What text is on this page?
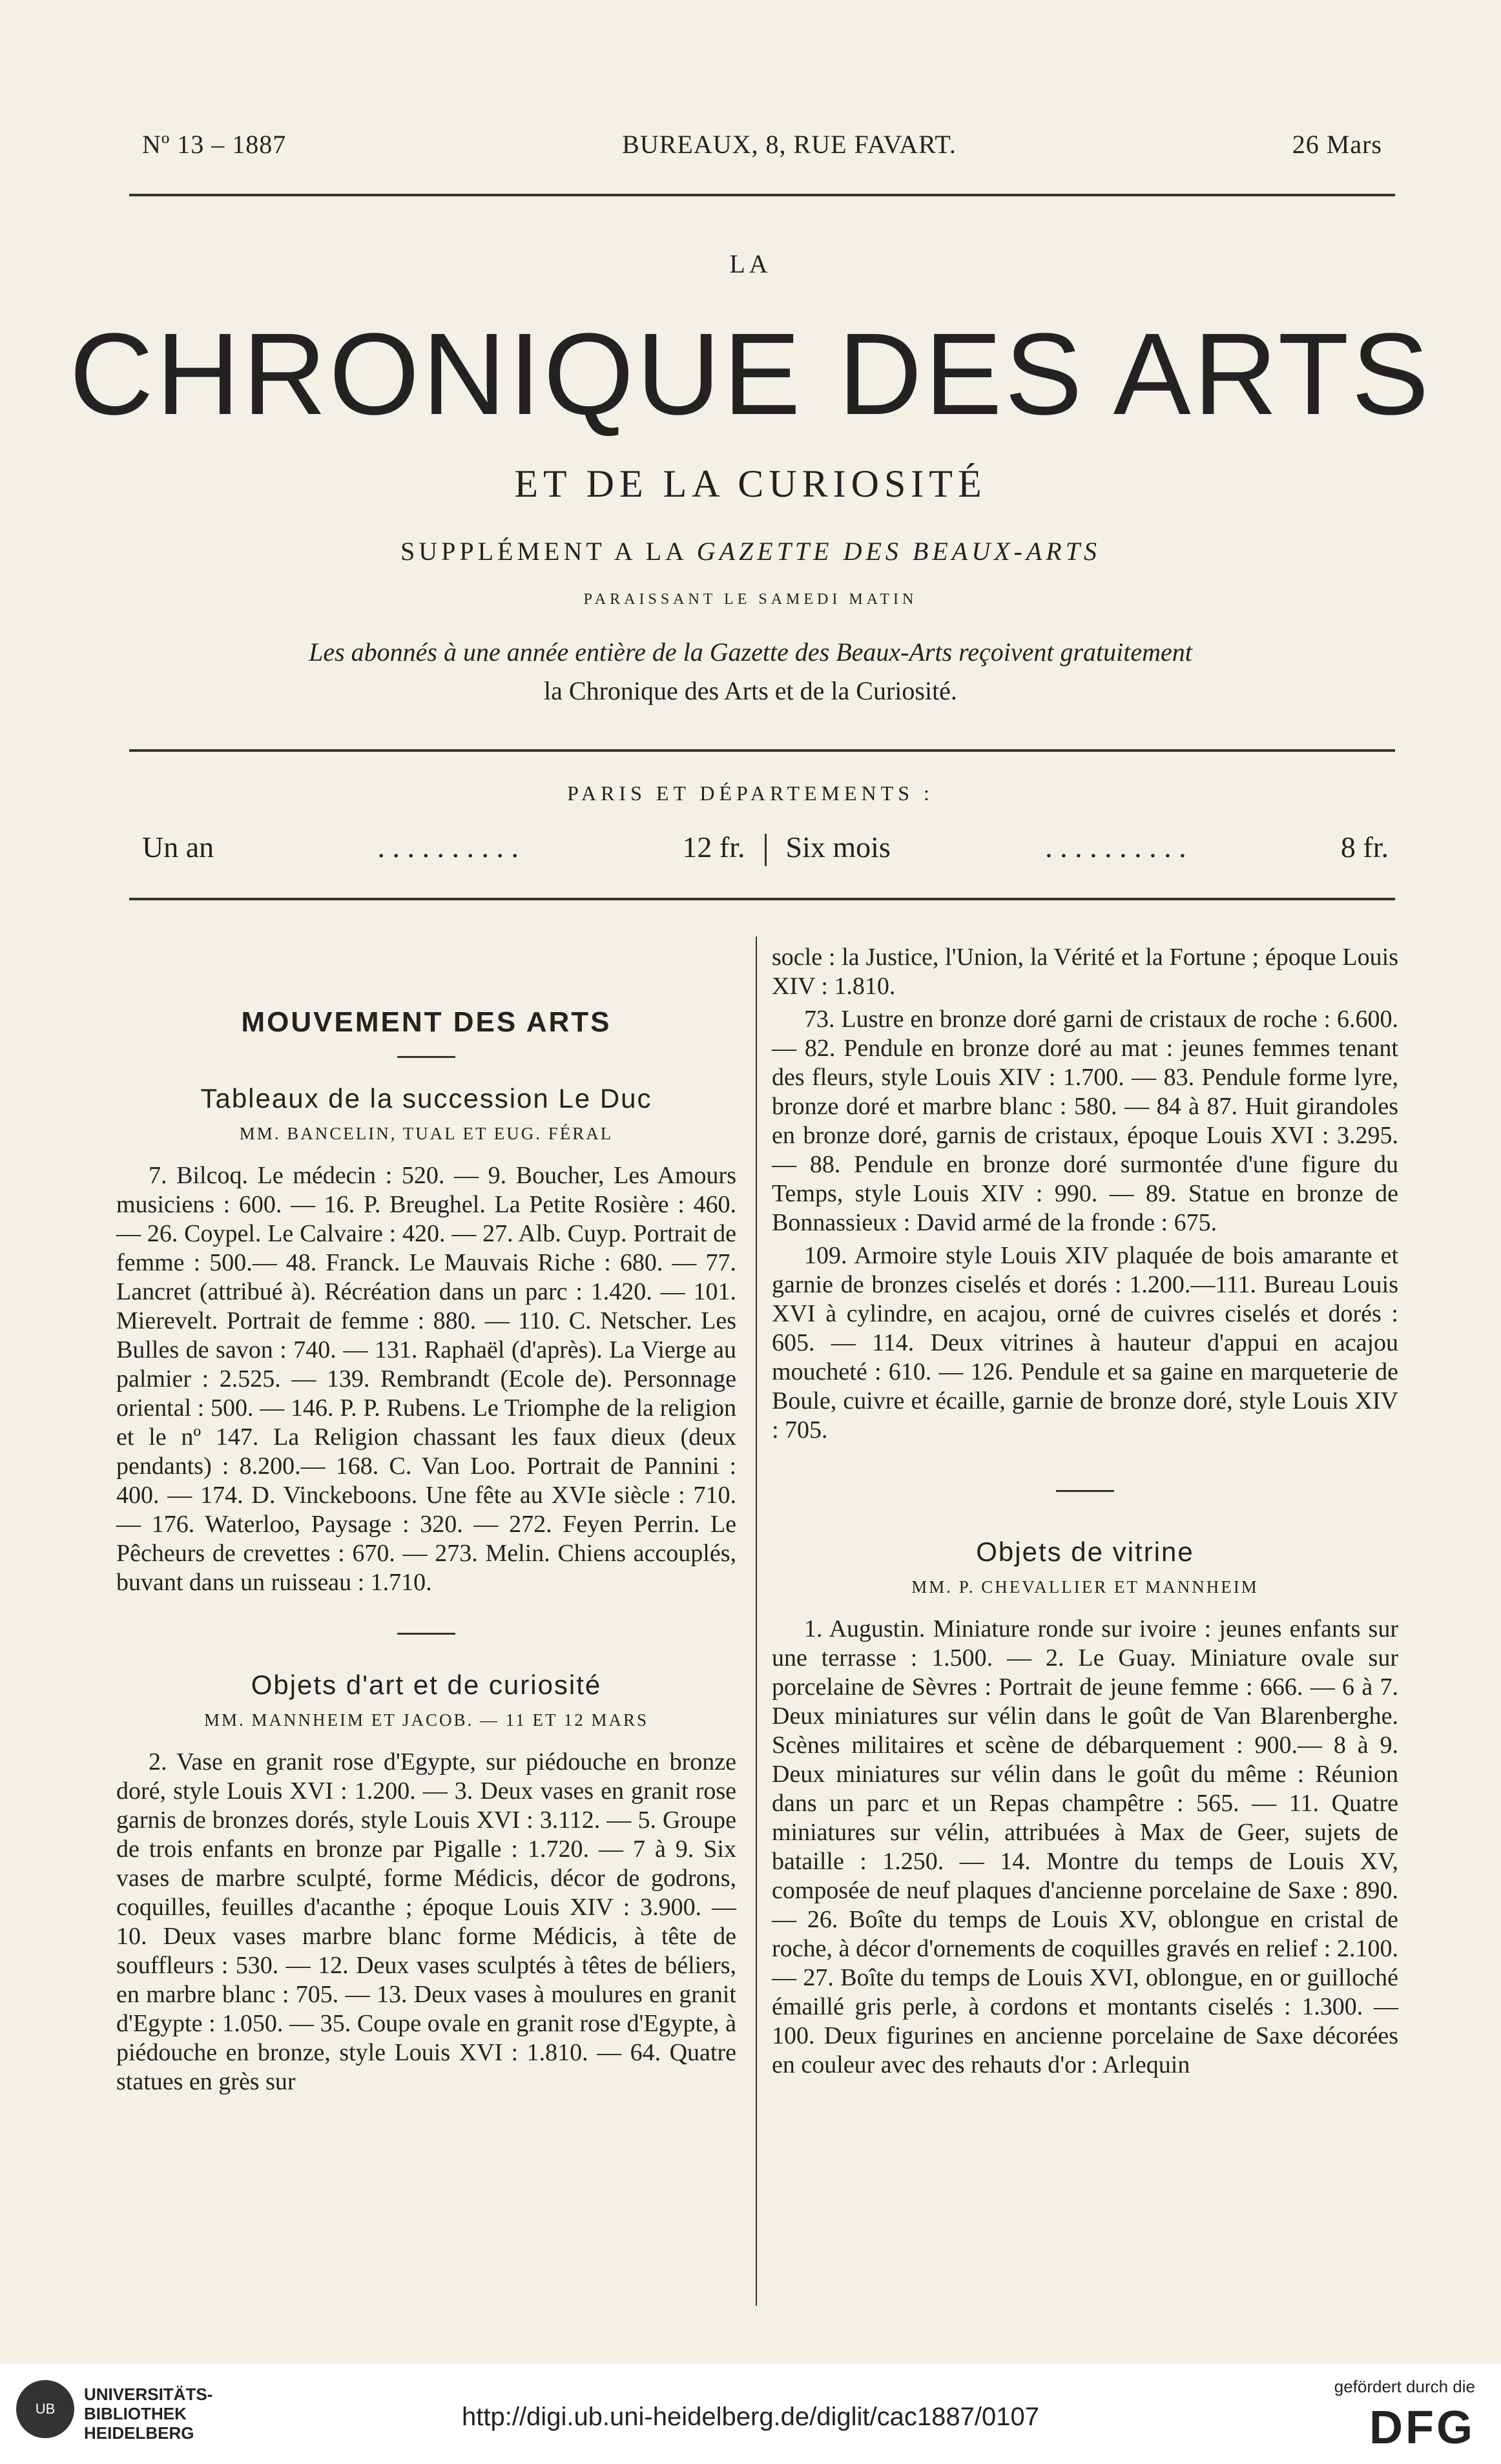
Nº 13 – 1887	BUREAUX, 8, RUE FAVART.	26 Mars
LA
CHRONIQUE DES ARTS
ET DE LA CURIOSITÉ
SUPPLÉMENT A LA GAZETTE DES BEAUX-ARTS
PARAISSANT LE SAMEDI MATIN
Les abonnés à une année entière de la Gazette des Beaux-Arts reçoivent gratuitement
la Chronique des Arts et de la Curiosité.
PARIS ET DÉPARTEMENTS :
Un an	. . . . . . . . . .	12 fr. Six mois	. . . . . . . . . .	8 fr.
MOUVEMENT DES ARTS
Tableaux de la succession Le Duc
MM. BANCELIN, TUAL ET EUG. FÉRAL

7. Bilcoq. Le médecin : 520. — 9. Boucher, Les Amours musiciens : 600. — 16. P. Breughel. La Petite Rosière : 460. — 26. Coypel. Le Calvaire : 420. — 27. Alb. Cuyp. Portrait de femme : 500.— 48. Franck. Le Mauvais Riche : 680. — 77. Lancret (attribué à). Récréation dans un parc : 1.420. — 101. Mierevelt. Portrait de femme : 880. — 110. C. Netscher. Les Bulles de savon : 740. — 131. Raphaël (d'après). La Vierge au palmier : 2.525. — 139. Rembrandt (Ecole de). Personnage oriental : 500. — 146. P. P. Rubens. Le Triomphe de la religion et le nº 147. La Religion chassant les faux dieux (deux pendants) : 8.200.— 168. C. Van Loo. Portrait de Pannini : 400. — 174. D. Vinckeboons. Une fête au XVIe siècle : 710. — 176. Waterloo, Paysage : 320. — 272. Feyen Perrin. Le Pêcheurs de crevettes : 670. — 273. Melin. Chiens accouplés, buvant dans un ruisseau : 1.710.

Objets d'art et de curiosité
MM. MANNHEIM ET JACOB. — 11 ET 12 MARS

2. Vase en granit rose d'Egypte, sur piédouche en bronze doré, style Louis XVI : 1.200. — 3. Deux vases en granit rose garnis de bronzes dorés, style Louis XVI : 3.112. — 5. Groupe de trois enfants en bronze par Pigalle : 1.720. — 7 à 9. Six vases de marbre sculpté, forme Médicis, décor de godrons, coquilles, feuilles d'acanthe ; époque Louis XIV : 3.900. — 10. Deux vases marbre blanc forme Médicis, à tête de souffleurs : 530. — 12. Deux vases sculptés à têtes de béliers, en marbre blanc : 705. — 13. Deux vases à moulures en granit d'Egypte : 1.050. — 35. Coupe ovale en granit rose d'Egypte, à piédouche en bronze, style Louis XVI : 1.810. — 64. Quatre statues en grès sur

socle : la Justice, l'Union, la Vérité et la Fortune ; époque Louis XIV : 1.810.

73. Lustre en bronze doré garni de cristaux de roche : 6.600. — 82. Pendule en bronze doré au mat : jeunes femmes tenant des fleurs, style Louis XIV : 1.700. — 83. Pendule forme lyre, bronze doré et marbre blanc : 580. — 84 à 87. Huit girandoles en bronze doré, garnis de cristaux, époque Louis XVI : 3.295. — 88. Pendule en bronze doré surmontée d'une figure du Temps, style Louis XIV : 990. — 89. Statue en bronze de Bonnassieux : David armé de la fronde : 675.

109. Armoire style Louis XIV plaquée de bois amarante et garnie de bronzes ciselés et dorés : 1.200.—111. Bureau Louis XVI à cylindre, en acajou, orné de cuivres ciselés et dorés : 605. — 114. Deux vitrines à hauteur d'appui en acajou moucheté : 610. — 126. Pendule et sa gaine en marqueterie de Boule, cuivre et écaille, garnie de bronze doré, style Louis XIV : 705.

Objets de vitrine
MM. P. CHEVALLIER ET MANNHEIM

1. Augustin. Miniature ronde sur ivoire : jeunes enfants sur une terrasse : 1.500. — 2. Le Guay. Miniature ovale sur porcelaine de Sèvres : Portrait de jeune femme : 666. — 6 à 7. Deux miniatures sur vélin dans le goût de Van Blarenberghe. Scènes militaires et scène de débarquement : 900.— 8 à 9. Deux miniatures sur vélin dans le goût du même : Réunion dans un parc et un Repas champêtre : 565. — 11. Quatre miniatures sur vélin, attribuées à Max de Geer, sujets de bataille : 1.250. — 14. Montre du temps de Louis XV, composée de neuf plaques d'ancienne porcelaine de Saxe : 890. — 26. Boîte du temps de Louis XV, oblongue en cristal de roche, à décor d'ornements de coquilles gravés en relief : 2.100. — 27. Boîte du temps de Louis XVI, oblongue, en or guilloché émaillé gris perle, à cordons et montants ciselés : 1.300. — 100. Deux figurines en ancienne porcelaine de Saxe décorées en couleur avec des rehauts d'or : Arlequin

UB
UNIVERSITÄTS-
BIBLIOTHEK
HEIDELBERG
http://digi.ub.uni-heidelberg.de/diglit/cac1887/0107
gefördert durch die
DFG
